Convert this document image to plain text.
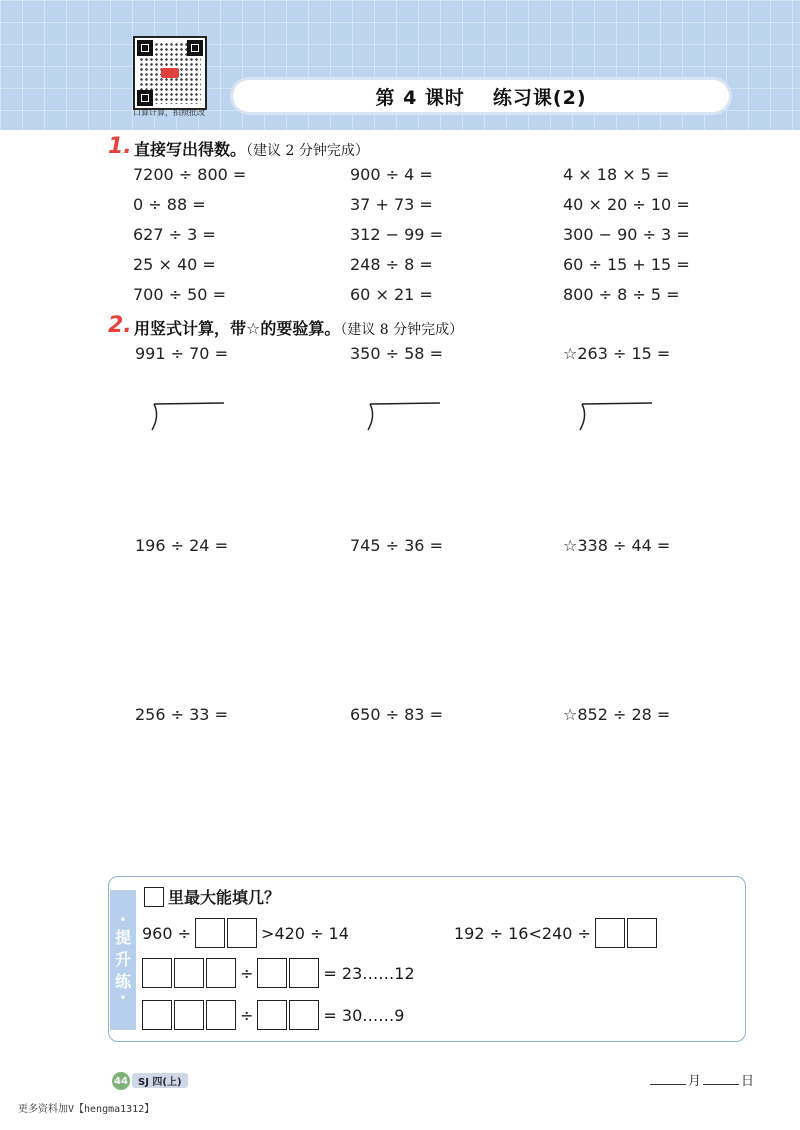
口算计算，拍照批改
第 4 课时 练习课(2)
1. 直接写出得数。（建议 2 分钟完成）
7200 ÷ 800 =	900 ÷ 4 =	4 × 18 × 5 =
0 ÷ 88 =	37 + 73 =	40 × 20 ÷ 10 =
627 ÷ 3 =	312 − 99 =	300 − 90 ÷ 3 =
25 × 40 =	248 ÷ 8 =	60 ÷ 15 + 15 =
700 ÷ 50 =	60 × 21 =	800 ÷ 8 ÷ 5 =
2. 用竖式计算，带☆的要验算。（建议 8 分钟完成）
991 ÷ 70 =	350 ÷ 58 =	☆263 ÷ 15 =
196 ÷ 24 =	745 ÷ 36 =	☆338 ÷ 44 =
256 ÷ 33 =	650 ÷ 83 =	☆852 ÷ 28 =
•
提
升
练
•
里最大能填几？
960 ÷	>420 ÷ 14	192 ÷ 16<240 ÷
÷	= 23……12
÷	= 30……9
44	SJ 四(上)	月	日
更多资料加V【hengma1312】
